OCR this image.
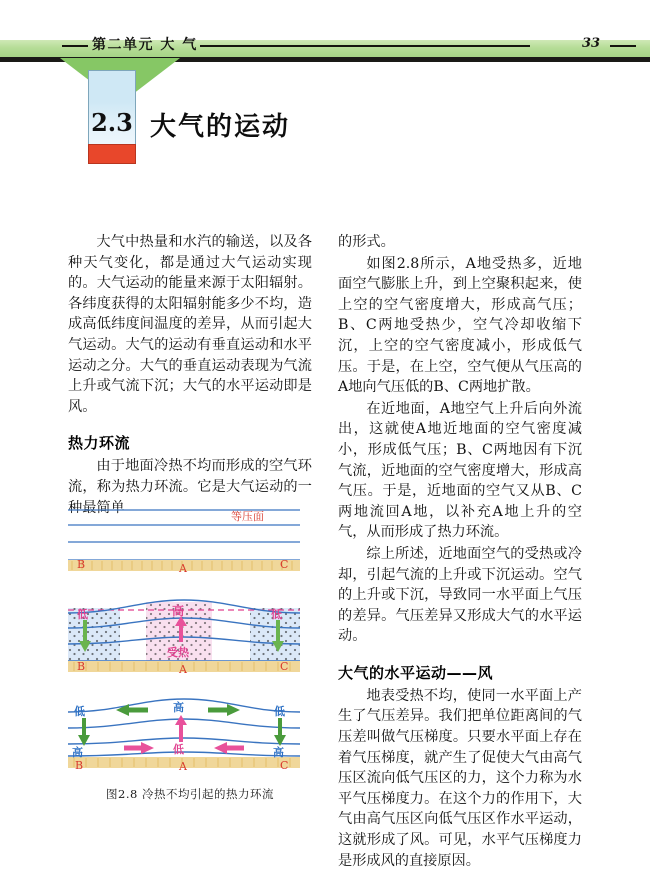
第二单元 大 气	33
2.3 大气的运动

大气中热量和水汽的输送，以及各种天气变化，都是通过大气运动实现的。大气运动的能量来源于太阳辐射。各纬度获得的太阳辐射能多少不均，造成高低纬度间温度的差异，从而引起大气运动。大气的运动有垂直运动和水平运动之分。大气的垂直运动表现为气流上升或气流下沉；大气的水平运动即是风。

热力环流

由于地面冷热不均而形成的空气环流，称为热力环流。它是大气运动的一种最简单

等压面
B	A	C
低	高	低
受热
B	A	C
低	高	低
高	低	高
B	A	C
图2.8 冷热不均引起的热力环流

的形式。

如图2.8所示，A地受热多，近地面空气膨胀上升，到上空聚积起来，使上空的空气密度增大，形成高气压；B、C两地受热少，空气冷却收缩下沉，上空的空气密度减小，形成低气压。于是，在上空，空气便从气压高的A地向气压低的B、C两地扩散。

在近地面，A地空气上升后向外流出，这就使A地近地面的空气密度减小，形成低气压；B、C两地因有下沉气流，近地面的空气密度增大，形成高气压。于是，近地面的空气又从B、C两地流回A地，以补充A地上升的空气，从而形成了热力环流。

综上所述，近地面空气的受热或冷却，引起气流的上升或下沉运动。空气的上升或下沉，导致同一水平面上气压的差异。气压差异又形成大气的水平运动。

大气的水平运动——风

地表受热不均，使同一水平面上产生了气压差异。我们把单位距离间的气压差叫做气压梯度。只要水平面上存在着气压梯度，就产生了促使大气由高气压区流向低气压区的力，这个力称为水平气压梯度力。在这个力的作用下，大气由高气压区向低气压区作水平运动，这就形成了风。可见，水平气压梯度力是形成风的直接原因。
